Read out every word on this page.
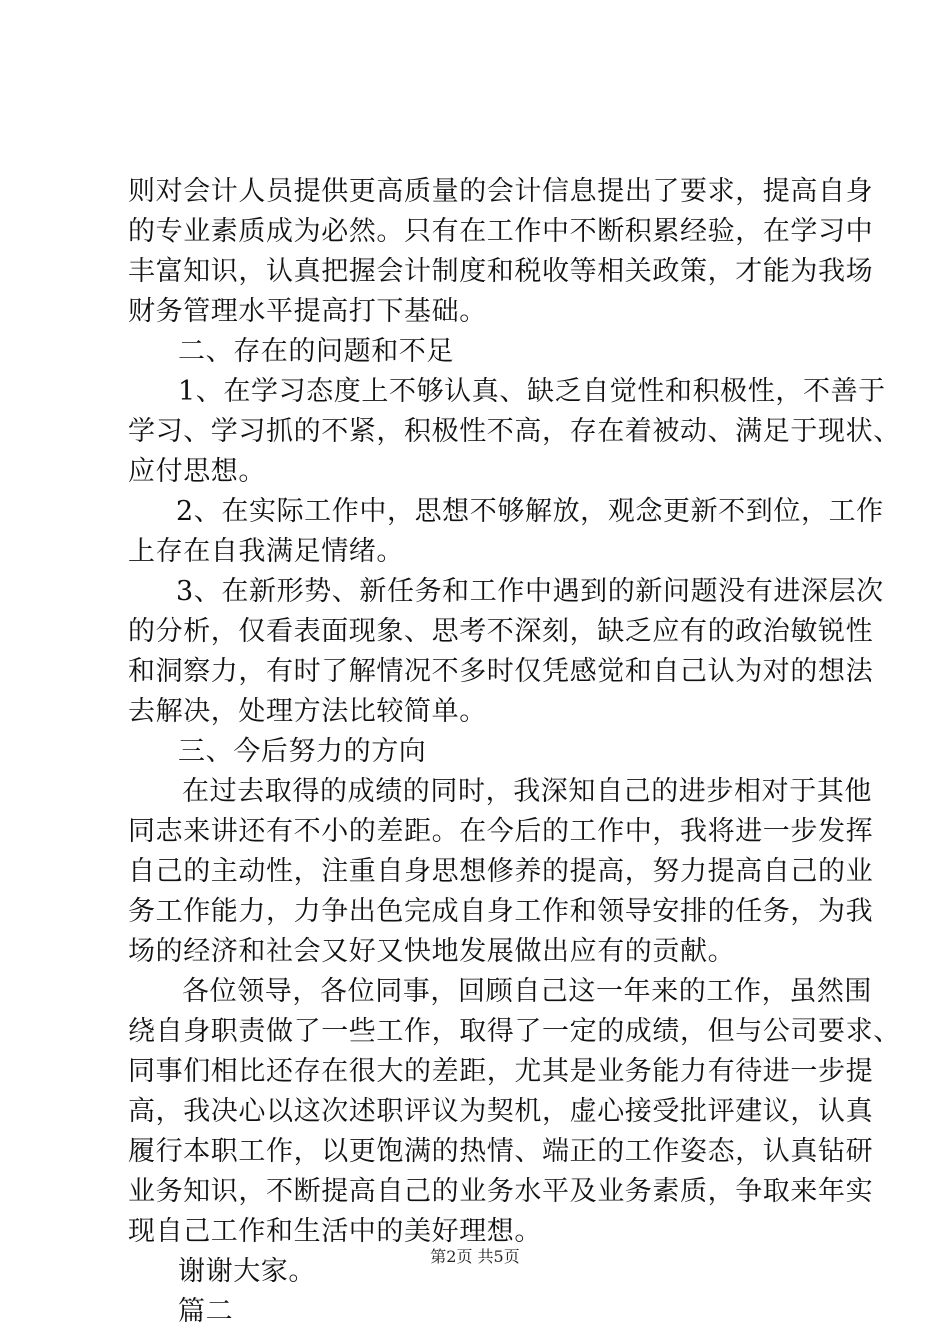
则对会计人员提供更高质量的会计信息提出了要求，提高自身
的专业素质成为必然。只有在工作中不断积累经验，在学习中
丰富知识，认真把握会计制度和税收等相关政策，才能为我场
财务管理水平提高打下基础。
二、存在的问题和不足
1、在学习态度上不够认真、缺乏自觉性和积极性，不善于
学习、学习抓的不紧，积极性不高，存在着被动、满足于现状、
应付思想。
2、在实际工作中，思想不够解放，观念更新不到位，工作
上存在自我满足情绪。
3、在新形势、新任务和工作中遇到的新问题没有进深层次
的分析，仅看表面现象、思考不深刻，缺乏应有的政治敏锐性
和洞察力，有时了解情况不多时仅凭感觉和自己认为对的想法
去解决，处理方法比较简单。
三、今后努力的方向
在过去取得的成绩的同时，我深知自己的进步相对于其他
同志来讲还有不小的差距。在今后的工作中，我将进一步发挥
自己的主动性，注重自身思想修养的提高，努力提高自己的业
务工作能力，力争出色完成自身工作和领导安排的任务，为我
场的经济和社会又好又快地发展做出应有的贡献。
各位领导，各位同事，回顾自己这一年来的工作，虽然围
绕自身职责做了一些工作，取得了一定的成绩，但与公司要求、
同事们相比还存在很大的差距，尤其是业务能力有待进一步提
高，我决心以这次述职评议为契机，虚心接受批评建议，认真
履行本职工作，以更饱满的热情、端正的工作姿态，认真钻研
业务知识，不断提高自己的业务水平及业务素质，争取来年实
现自己工作和生活中的美好理想。
谢谢大家。
篇二
第2页 共5页
